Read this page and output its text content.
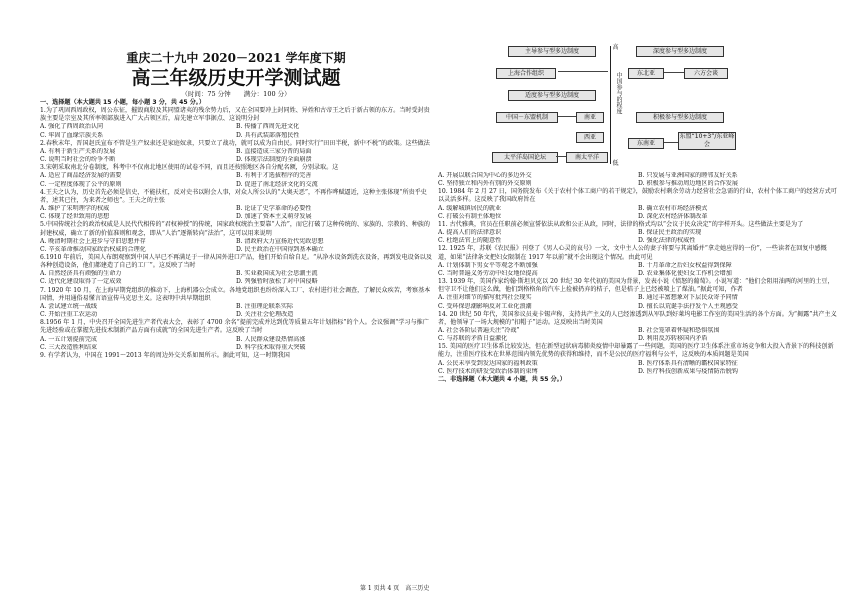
重庆二十九中 2020－2021 学年度下期
高三年级历史开学测试题
（时间：75 分钟　　满分：100 分）

一、选择题（本大题共 15 小题，每小题 3 分，共 45 分。）

1.为了巩固西周政权，周公东征，摧毁商殷及其同盟诸夷的残余势力后，又在全国要冲上封同姓、异姓和古帝王之后于新占领的东方。当时受封贵族主要是宗室及其所率领部族进入广大占领区后，肩先建立军事据点、这说明分封

A. 强化了西周政治认同	B. 传播了西周先进文化
C. 牢固了血缘宗族关系	D. 具有武装部落殖民性

2.春秋末年，晋国赵氏宣布不管是生产奴隶还是家庭奴隶，只要立了战功，就可以成为自由民。同时实行“田田半税，新中不税”的政策。这些做法

A. 有利于新生产关系的发展	B. 直接造成三家分晋的局面
C. 说明当时社会的纷争不断	D. 体现宗法制度的全面崩溃

3.宋朝采取南北分卷制度，科考中不仅南北地区使用的试卷不同，而且还按照地区各自分配名额，分别录取。这

A. 适应了商品经济发展的需要	B. 有利于才选拔程序的完善
C. 一定程度体现了公平的原则	D. 促进了南北经济文化的交流

4.王夫之认为，历史首先必须是信史，不能扶杠，反对史书以附会人事，对众人所公认的“大奥天恶”，不再作哗赋逼近，这种主张体现“所贵乎史者，述其已往，为来者之师也”。王夫之的主张

A. 维护了宋明理学的权威	B. 论证了史学革命的必要性
C. 体现了经世致用的思想	D. 加速了资本主义萌芽发展

5.中国传统社会的政治权威是人民代代相传的“君权神授”的传统，国家政权统治主要靠“人治”，而它打破了这种传统的、家族的、宗教的、种族的封建权威，确立了新的价值准则和观念，即从“人治”逐渐转向“法治”，这可以用来说明

A. 晚清时期社会上进步与守旧思想并存	B. 清政府大力宣扬近代宪政思想
C. 辛亥革命推动国家政治权威的合理化	D. 民主政治在中国得到基本确立

6.1910 年前后，美国人布朗观察到中国人早已不再满足于一律从国外进口产品，他们开始自给自足。“从净水设备到洗衣设备，再到发电设备以及各种创造设备，他们都建造了自己的工厂”。这反映了当时

A. 自然经济具有顽强的生命力	B. 实业救国成为社会思潮主流
C. 近代化建设取得了一定成效	D. 列强暂时放松了对中国侵略

7. 1920 年 10 月，在上海早期党组织的推动下，上海机器公会成立。各地党组织也纷纷深入工厂、农村进行社会调查，了解民众疾苦，考察基本国情，并用通俗易懂言语宣传马克思主义。这表明中共早期组织

A. 尝试建立统一战线	B. 注重理论联系实际
C. 开始注重工农运动	D. 关注社会伦理改造

8.1956 年 1 月，中央召开全国先进生产者代表大会，表彰了 4700 余名“提前完成并达到优等质量五年计划指标”的个人。会议强调“学习与推广先进经验或在掌握先进技术制新产品方面有成就”的全国先进生产者。这反映了当时

A. 一五计划提前完成	B. 人民群众建设热情高涨
C. 三大改造胜利结束	D. 科学技术取得重大突破

9. 有学者认为，中国在 1991～2013 年的周边外交关系如图所示。据此可知，这一时期我国

主导参与型多边制度
上海合作组织
适度参与型多边制度
中国－东盟机制	南亚
西亚
太平洋岛国论坛	南太平洋
高
中国参与的程度
低
深度参与型多边制度
东北亚	六方会谈
积极参与型多边制度
东南亚
东盟“10+3”/东亚峰会
A. 开展以联合国为中心的多边外交	B. 只发展与亚洲国家的睦邻友好关系
C. 坚持独立和内外有别的外交原则	D. 积极参与推动周边地区的合作发展

10. 1984 年 2 月 27 日，国务院发布《关于农村个体工商户的若干规定》，鼓励农村剩余劳动力经营社会急需的行业，农村个体工商户的经营方式可以灵活多样。这反映了我国政府旨在

A. 缓解城镇居民的就业	B. 确立农村市场经济模式
C. 打破公有制主体地位	D. 深化农村经济体制改革

11. 古代雅典，官员在任职前必须宣誓依法从政和公正从政，同时，法律的格式均以“会议于民众决定”的字样开头。这些做法主要是为了

A. 提高人们的法律意识	B. 保证民主政治的实现
C. 杜绝法官上的随意性	D. 强化法律的权威性

12. 1925 年，苏联《农民报》刊登了《男人心灵的哀号》一文，文中主人公的妻子将要与其离婚并“拿走她应得的一份”，一些读者在回复中感慨道，如果“法律条文把妇女限制在 1917 年以前”就不会出现这个情况。由此可见

A. 计划体制下男女平等观念不断加强	B. 十月革命之后妇女权益得到保障
C. 当时普遍义务劳动中妇女地位提高	D. 农业集体化使妇女工作机会增加

13. 1939 年，美国作家约翰·斯坦贝克以 20 世纪 30 年代初的美国为背景，发表小说《愤怒的葡萄》。小说写道：“他们会阻用油两的河里的土豆，但守卫不让他们这么做，他们到格格角的汽车上捡被扔弃的桔子，但是桔子上已经被喷上了煤油。”据此可知，作者

A. 注重对细节的描写批判社会现实	B. 通过丰富想象对下层民众寄予同情
C. 受环保思潮影响反对工业化浪潮	D. 擅长以荒诞手法抒发个人主观感受

14. 20 世纪 50 年代，美国参议员麦卡锡声称，支持共产主义的人已经渗透到从军队到好莱坞电影工作室的美国生活的各个方面。为“揭露”共产主义者，他领导了一场大规模的“扣帽子”运动。这反映出当时美国

A. 社会各阶层普遍关注“冷战”	B. 社会笼罩着怀疑和恐惧氛围
C. 与苏联的矛盾日益激化	D. 利用反苏转移国内矛盾

15. 美国的医疗卫生体系比较发达，但在新型冠状病毒肺炎疫情中却暴露了一些问题，美国的医疗卫生体系注重市场竞争和大投入背景下的科技创新能力，注重医疗技术在世界范围内领先优势的获得和维持，而不是公民的医疗福利与公平，这反映的本质问题是美国

A. 公民未享受到发达国家的福利政策	B. 医疗体系具有清晰的霸权国家特征
C. 医疗技术的研发受政治体制的束缚	D. 医疗科技创新成果与疫情防治脱钩

二、非选择题（本大题共 4 小题，共 55 分。）

第 1 页共 4 页　高三历史
